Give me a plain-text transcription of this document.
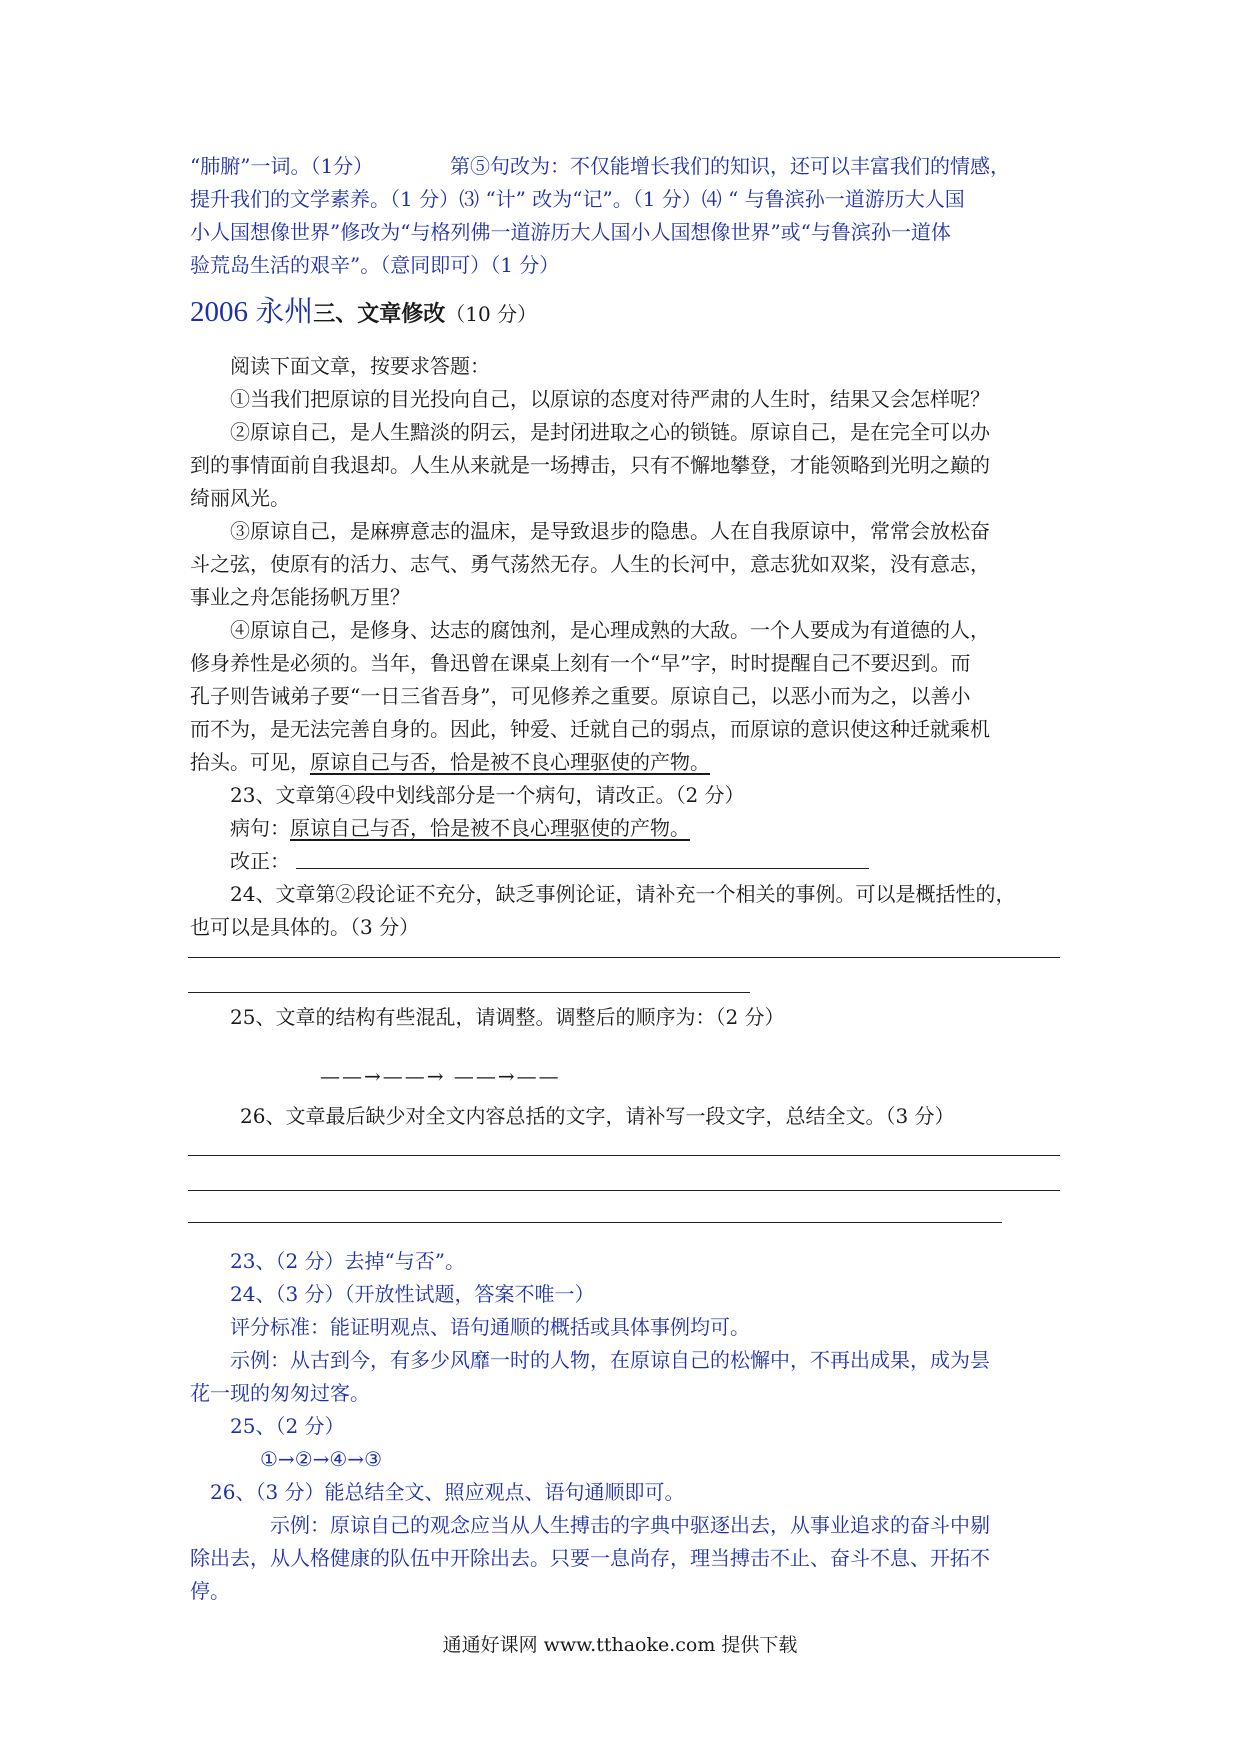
“肺腑”一词。（1分）	第⑤句改为：不仅能增长我们的知识，还可以丰富我们的情感，
提升我们的文学素养。（1 分）⑶ “计” 改为“记”。（1 分）⑷ “ 与鲁滨孙一道游历大人国
小人国想像世界”修改为“与格列佛一道游历大人国小人国想像世界”或“与鲁滨孙一道体
验荒岛生活的艰辛”。（意同即可）（1 分）
2006 永州三、文章修改（10 分）
阅读下面文章，按要求答题：
①当我们把原谅的目光投向自己，以原谅的态度对待严肃的人生时，结果又会怎样呢？
②原谅自己，是人生黯淡的阴云，是封闭进取之心的锁链。原谅自己，是在完全可以办
到的事情面前自我退却。人生从来就是一场搏击，只有不懈地攀登，才能领略到光明之巅的
绮丽风光。
③原谅自己，是麻痹意志的温床，是导致退步的隐患。人在自我原谅中，常常会放松奋
斗之弦，使原有的活力、志气、勇气荡然无存。人生的长河中，意志犹如双桨，没有意志，
事业之舟怎能扬帆万里？
④原谅自己，是修身、达志的腐蚀剂，是心理成熟的大敌。一个人要成为有道德的人，
修身养性是必须的。当年，鲁迅曾在课桌上刻有一个“早”字，时时提醒自己不要迟到。而
孔子则告诫弟子要“一日三省吾身”，可见修养之重要。原谅自己，以恶小而为之，以善小
而不为，是无法完善自身的。因此，钟爱、迁就自己的弱点，而原谅的意识使这种迁就乘机
抬头。可见，原谅自己与否，恰是被不良心理驱使的产物。
23、文章第④段中划线部分是一个病句，请改正。（2 分）
病句：原谅自己与否，恰是被不良心理驱使的产物。
改正：
24、文章第②段论证不充分，缺乏事例论证，请补充一个相关的事例。可以是概括性的，
也可以是具体的。（3 分）
25、文章的结构有些混乱，请调整。调整后的顺序为：（2 分）
——→——→ ——→——
26、文章最后缺少对全文内容总括的文字，请补写一段文字，总结全文。（3 分）
23、（2 分）去掉“与否”。
24、（3 分）（开放性试题，答案不唯一）
评分标准：能证明观点、语句通顺的概括或具体事例均可。
示例：从古到今，有多少风靡一时的人物，在原谅自己的松懈中，不再出成果，成为昙
花一现的匆匆过客。
25、（2 分）
①→②→④→③
26、（3 分）能总结全文、照应观点、语句通顺即可。
示例：原谅自己的观念应当从人生搏击的字典中驱逐出去，从事业追求的奋斗中剔
除出去，从人格健康的队伍中开除出去。只要一息尚存，理当搏击不止、奋斗不息、开拓不
停。
通通好课网 www.tthaoke.com 提供下载
